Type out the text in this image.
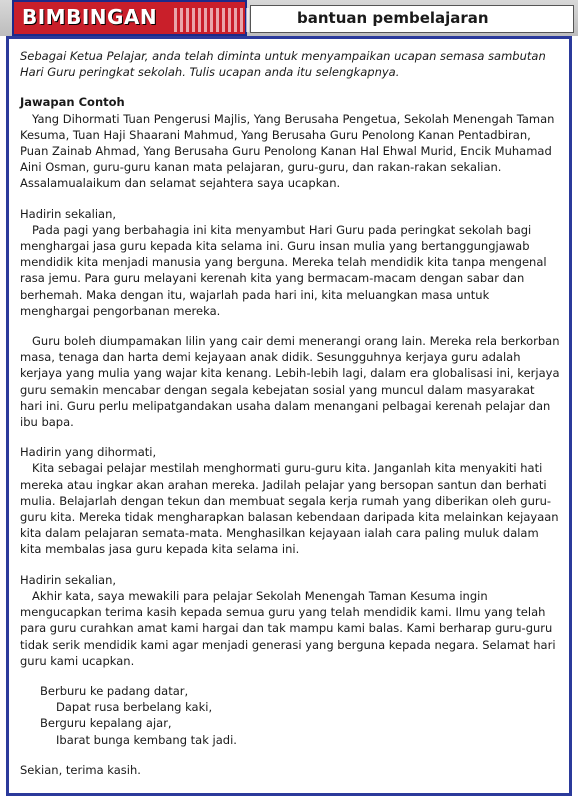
BIMBINGAN	bantuan pembelajaran

Sebagai Ketua Pelajar, anda telah diminta untuk menyampaikan ucapan semasa sambutan Hari Guru peringkat sekolah. Tulis ucapan anda itu selengkapnya.

Jawapan Contoh

Yang Dihormati Tuan Pengerusi Majlis, Yang Berusaha Pengetua, Sekolah Menengah Taman Kesuma, Tuan Haji Shaarani Mahmud, Yang Berusaha Guru Penolong Kanan Pentadbiran, Puan Zainab Ahmad, Yang Berusaha Guru Penolong Kanan Hal Ehwal Murid, Encik Muhamad Aini Osman, guru-guru kanan mata pelajaran, guru-guru, dan rakan-rakan sekalian. Assalamualaikum dan selamat sejahtera saya ucapkan.

Hadirin sekalian,

Pada pagi yang berbahagia ini kita menyambut Hari Guru pada peringkat sekolah bagi menghargai jasa guru kepada kita selama ini. Guru insan mulia yang bertanggungjawab mendidik kita menjadi manusia yang berguna. Mereka telah mendidik kita tanpa mengenal rasa jemu. Para guru melayani kerenah kita yang bermacam-macam dengan sabar dan berhemah. Maka dengan itu, wajarlah pada hari ini, kita meluangkan masa untuk menghargai pengorbanan mereka.

Guru boleh diumpamakan lilin yang cair demi menerangi orang lain. Mereka rela berkorban masa, tenaga dan harta demi kejayaan anak didik. Sesungguhnya kerjaya guru adalah kerjaya yang mulia yang wajar kita kenang. Lebih-lebih lagi, dalam era globalisasi ini, kerjaya guru semakin mencabar dengan segala kebejatan sosial yang muncul dalam masyarakat hari ini. Guru perlu melipatgandakan usaha dalam menangani pelbagai kerenah pelajar dan ibu bapa.

Hadirin yang dihormati,

Kita sebagai pelajar mestilah menghormati guru-guru kita. Janganlah kita menyakiti hati mereka atau ingkar akan arahan mereka. Jadilah pelajar yang bersopan santun dan berhati mulia. Belajarlah dengan tekun dan membuat segala kerja rumah yang diberikan oleh guru-guru kita. Mereka tidak mengharapkan balasan kebendaan daripada kita melainkan kejayaan kita dalam pelajaran semata-mata. Menghasilkan kejayaan ialah cara paling muluk dalam kita membalas jasa guru kepada kita selama ini.

Hadirin sekalian,

Akhir kata, saya mewakili para pelajar Sekolah Menengah Taman Kesuma ingin mengucapkan terima kasih kepada semua guru yang telah mendidik kami. Ilmu yang telah para guru curahkan amat kami hargai dan tak mampu kami balas. Kami berharap guru-guru tidak serik mendidik kami agar menjadi generasi yang berguna kepada negara. Selamat hari guru kami ucapkan.

Berburu ke padang datar,

Dapat rusa berbelang kaki,

Berguru kepalang ajar,

Ibarat bunga kembang tak jadi.

Sekian, terima kasih.
